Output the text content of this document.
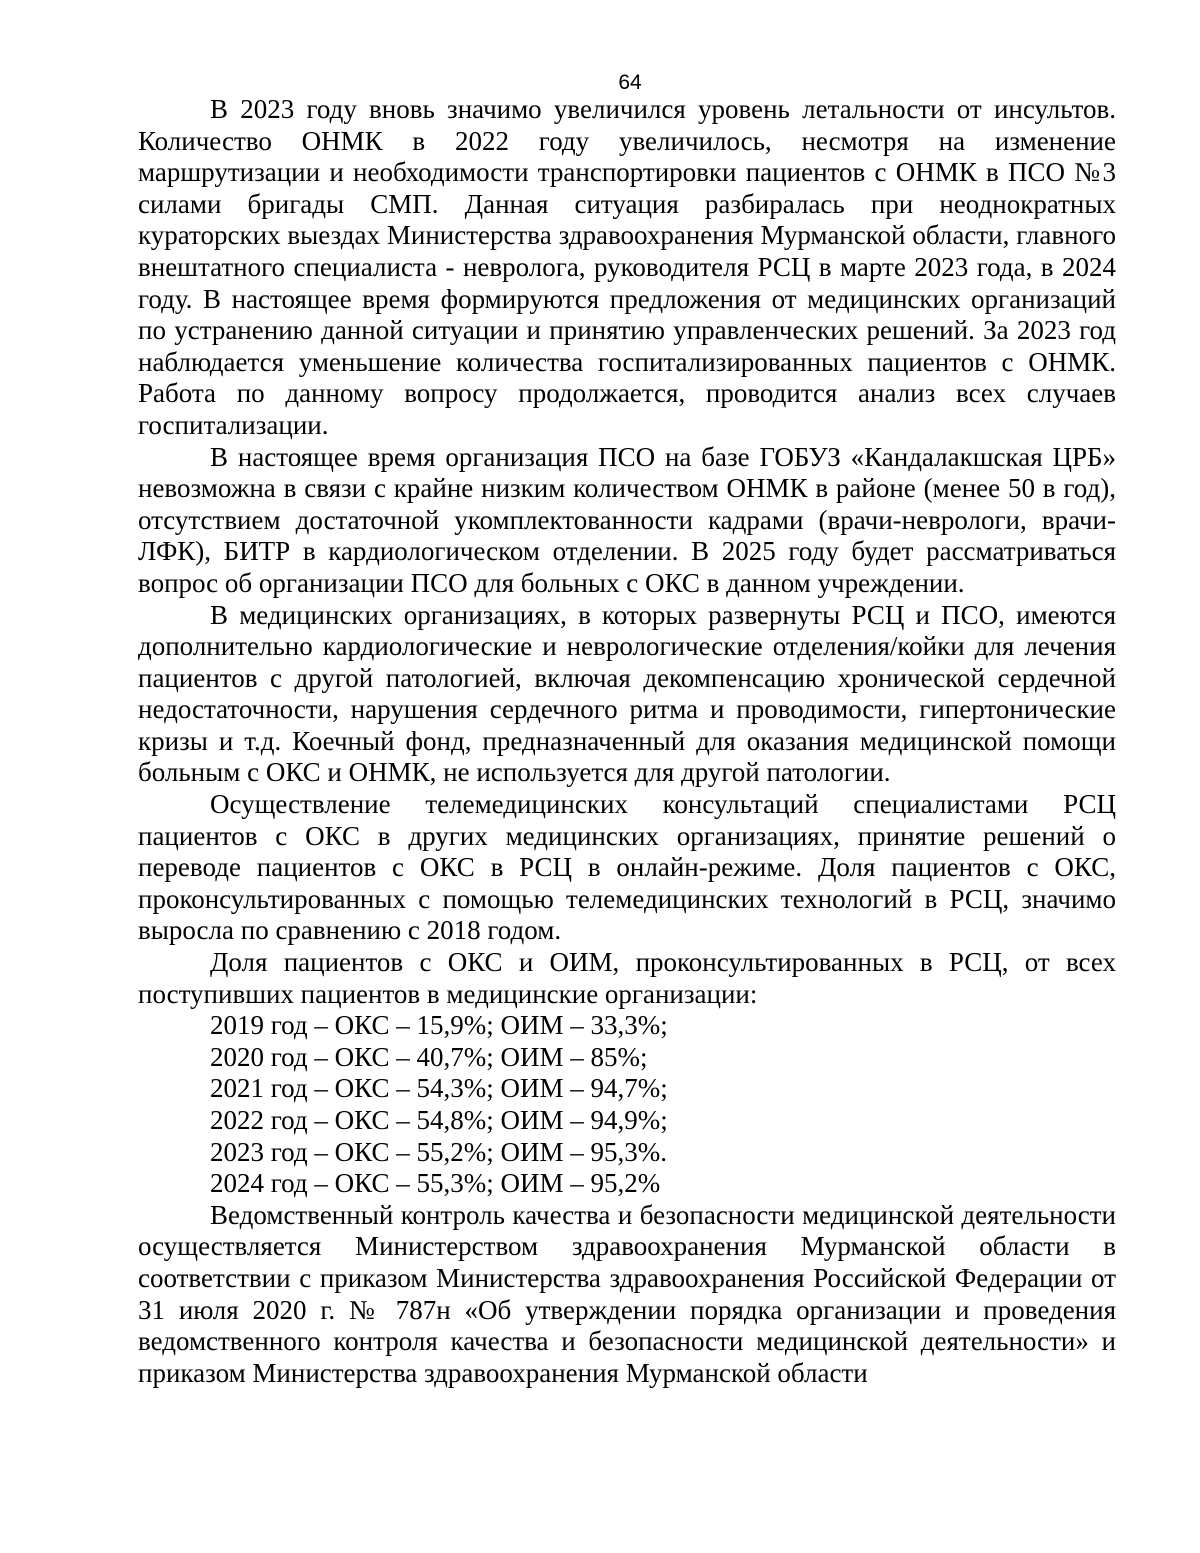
64

В 2023 году вновь значимо увеличился уровень летальности от инсультов. Количество ОНМК в 2022 году увеличилось, несмотря на изменение маршрутизации и необходимости транспортировки пациентов с ОНМК в ПСО №3 силами бригады СМП. Данная ситуация разбиралась при неоднократных кураторских выездах Министерства здравоохранения Мурманской области, главного внештатного специалиста - невролога, руководителя РСЦ в марте 2023 года, в 2024 году. В настоящее время формируются предложения от медицинских организаций по устранению данной ситуации и принятию управленческих решений. За 2023 год наблюдается уменьшение количества госпитализированных пациентов с ОНМК. Работа по данному вопросу продолжается, проводится анализ всех случаев госпитализации.

В настоящее время организация ПСО на базе ГОБУЗ «Кандалакшская ЦРБ» невозможна в связи с крайне низким количеством ОНМК в районе (менее 50 в год), отсутствием достаточной укомплектованности кадрами (врачи-неврологи, врачи-ЛФК), БИТР в кардиологическом отделении. В 2025 году будет рассматриваться вопрос об организации ПСО для больных с ОКС в данном учреждении.

В медицинских организациях, в которых развернуты РСЦ и ПСО, имеются дополнительно кардиологические и неврологические отделения/койки для лечения пациентов с другой патологией, включая декомпенсацию хронической сердечной недостаточности, нарушения сердечного ритма и проводимости, гипертонические кризы и т.д. Коечный фонд, предназначенный для оказания медицинской помощи больным с ОКС и ОНМК, не используется для другой патологии.

Осуществление телемедицинских консультаций специалистами РСЦ пациентов с ОКС в других медицинских организациях, принятие решений о переводе пациентов с ОКС в РСЦ в онлайн-режиме. Доля пациентов с ОКС, проконсультированных с помощью телемедицинских технологий в РСЦ, значимо выросла по сравнению с 2018 годом.

Доля пациентов с ОКС и ОИМ, проконсультированных в РСЦ, от всех поступивших пациентов в медицинские организации:

2019 год – ОКС – 15,9%; ОИМ – 33,3%;
2020 год – ОКС – 40,7%; ОИМ – 85%;
2021 год – ОКС – 54,3%; ОИМ – 94,7%;
2022 год – ОКС – 54,8%; ОИМ – 94,9%;
2023 год – ОКС – 55,2%; ОИМ – 95,3%.
2024 год – ОКС – 55,3%; ОИМ – 95,2%

Ведомственный контроль качества и безопасности медицинской деятельности осуществляется Министерством здравоохранения Мурманской области в соответствии с приказом Министерства здравоохранения Российской Федерации от 31 июля 2020 г. № 787н «Об утверждении порядка организации и проведения ведомственного контроля качества и безопасности медицинской деятельности» и приказом Министерства здравоохранения Мурманской области
